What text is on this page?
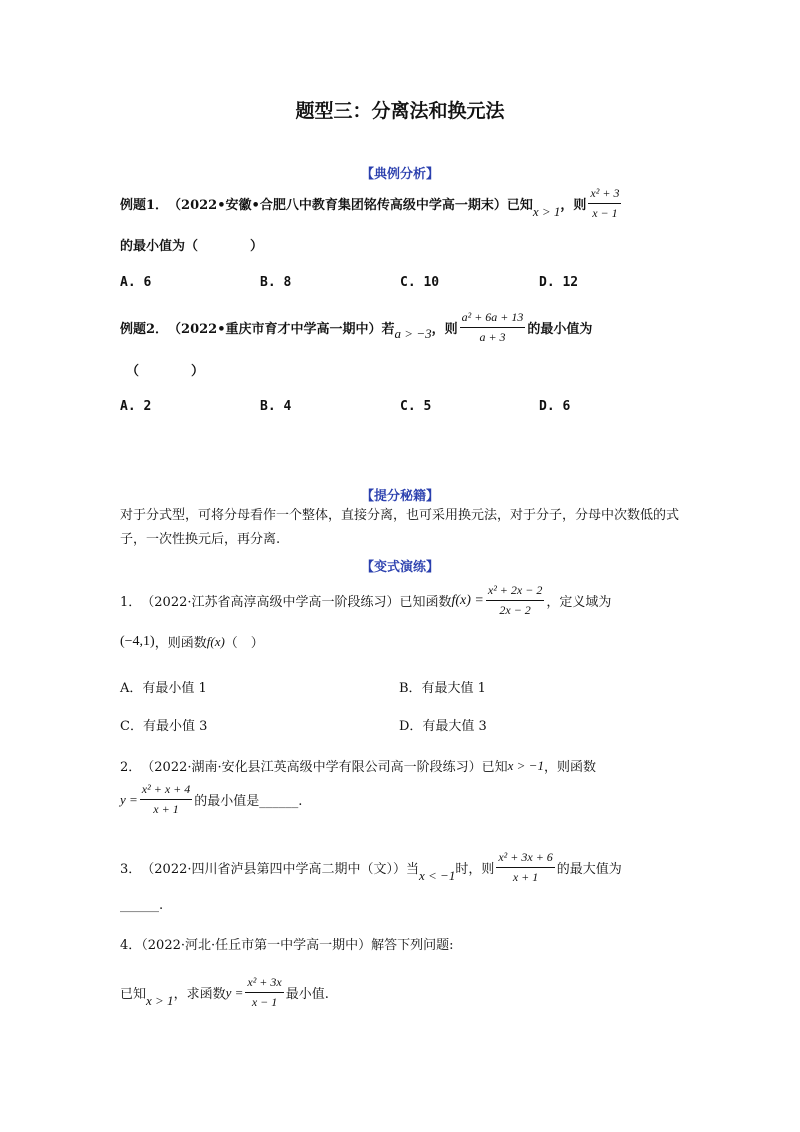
题型三：分离法和换元法
【典例分析】
例题1． （2022•安徽•合肥八中教育集团铭传高级中学高一期末）已知 x > 1 ，则 $\frac{\text{x² + 3}}{x - 1}$
的最小值为（　　　　）
A. 6	B. 8	C. 10	D. 12
例题2． （2022•重庆市育才中学高一期中）若 a > −3 ，则 $\frac{\text{a² + 6a + 13}}{a + 3}$ 的最小值为
（　　　　）
A. 2	B. 4	C. 5	D. 6
【提分秘籍】
对于分式型，可将分母看作一个整体，直接分离，也可采用换元法，对于分子，分母中次数低的式子，一次性换元后，再分离.
【变式演练】
1． （2022·江苏省高淳高级中学高一阶段练习）已知函数 $f(x) = \frac{\text{x² + 2x − 2}}{2x - 2}$ ，定义域为
(−4,1) ，则函数 f(x) （　）
A．有最小值 1	B．有最大值 1
C．有最小值 3	D．有最大值 3
2． （2022·湖南·安化县江英高级中学有限公司高一阶段练习）已知 x > −1 ，则函数
$y = \frac{\text{x² + x + 4}}{x + 1}$ 的最小值是______.
3． （2022·四川省泸县第四中学高二期中（文））当 x < −1 时，则 $\frac{\text{x² + 3x + 6}}{x + 1}$ 的最大值为
______.
4．（2022·河北·任丘市第一中学高一期中）解答下列问题:
已知 x > 1 ，求函数 $y = \frac{\text{x² + 3x}}{x - 1}$ 最小值.
